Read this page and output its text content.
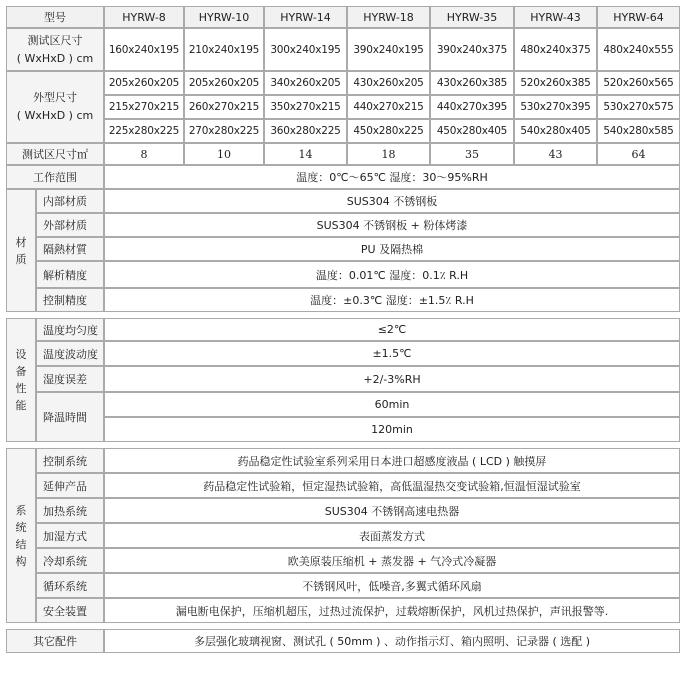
型号		HYRW-8	HYRW-10	HYRW-14	HYRW-18	HYRW-35	HYRW-43	HYRW-64

测试区尺寸
( WxHxD ) cm		160x240x195	210x240x195	300x240x195	390x240x195	390x240x375	480x240x375	480x240x555

外型尺寸
( WxHxD ) cm		205x260x205	205x260x205	340x260x205	430x260x205	430x260x385	520x260x385	520x260x565
		215x270x215	260x270x215	350x270x215	440x270x215	440x270x395	530x270x395	530x270x575
		225x280x225	270x280x225	360x280x225	450x280x225	450x280x405	540x280x405	540x280x585
测试区尺寸㎡		8	10	14	18	35	43	64
工作范围		温度：0℃～65℃ 湿度：30～95%RH						

材
质	内部材质	SUS304 不锈钢板						
	外部材质	SUS304 不锈钢板 + 粉体烤漆						
	隔熱材質	PU 及隔热棉						
	解析精度	温度：0.01℃ 湿度：0.1٪ R.H						
	控制精度	温度：±0.3℃ 湿度：±1.5٪ R.H						

设
备
性
能	温度均匀度	≤2℃						
	温度波动度	±1.5℃						
	湿度误差	+2/-3%RH						
	降温時間	60min						
		120min						

系
统
结
构	控制系统	药品稳定性试验室系列采用日本进口超感度液晶 ( LCD ) 触摸屏						
	延伸产品	药品稳定性试验箱，恒定湿热试验箱，高低温湿热交变试验箱,恒温恒湿试验室						
	加热系统	SUS304 不锈钢高速电热器						
	加湿方式	表面蒸发方式						
	冷却系统	欧美原装压缩机 + 蒸发器 + 气冷式冷凝器						
	循环系统	不锈钢风叶，低噪音,多翼式循环风扇						
	安全装置	漏电断电保护，压缩机超压，过热过流保护，过载熔断保护，风机过热保护，声讯报警等.						

其它配件		多层强化玻璃视窗、测试孔 ( 50mm ) 、动作指示灯、箱内照明、记录器 ( 选配 )						
